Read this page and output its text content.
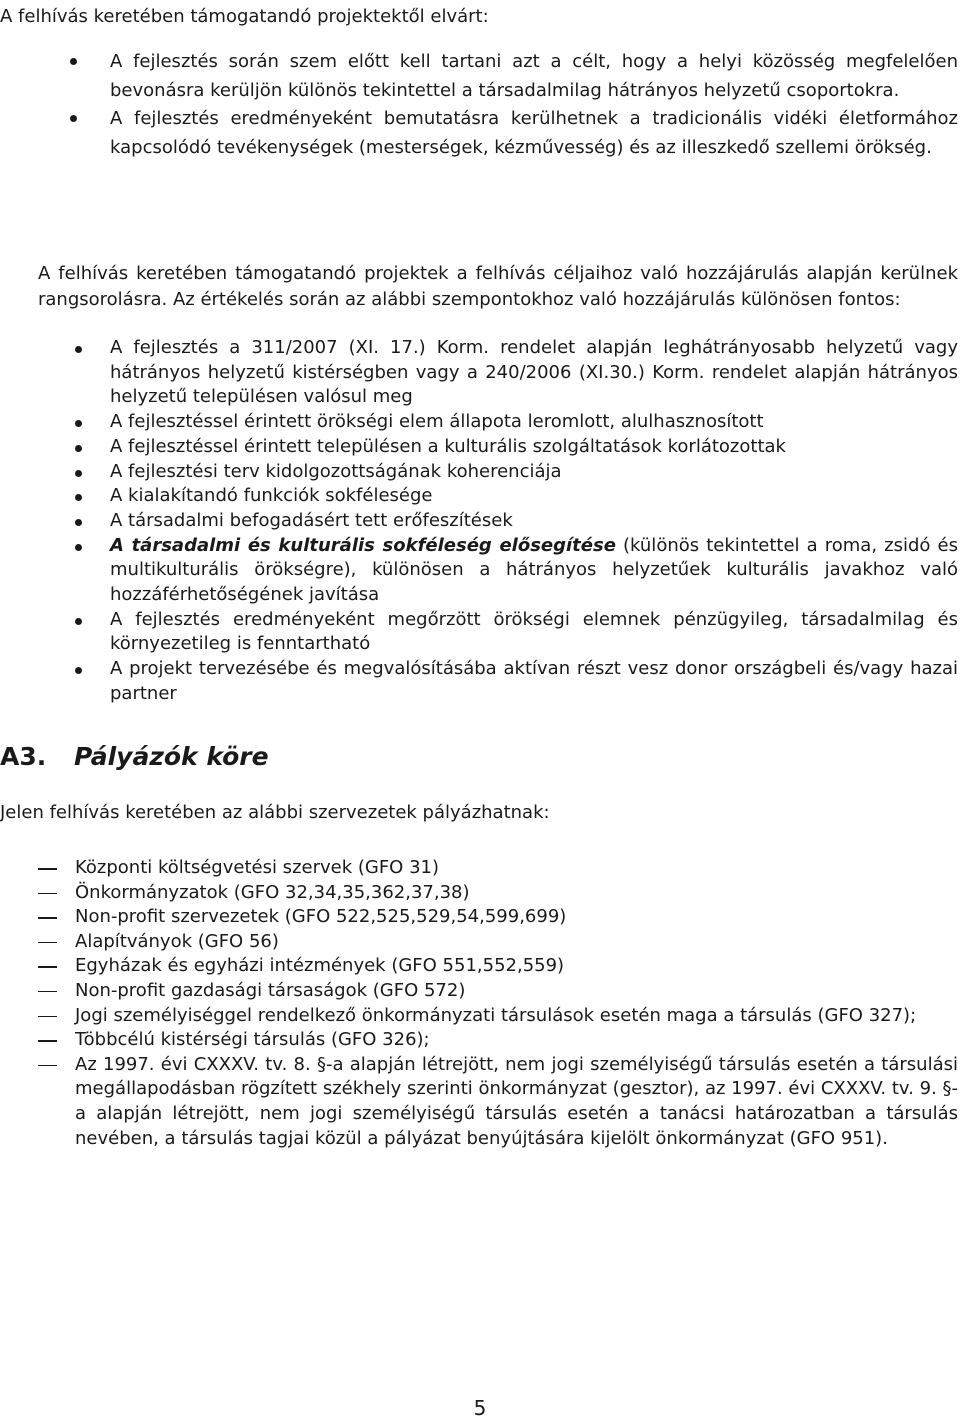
A felhívás keretében támogatandó projektektől elvárt:

A fejlesztés során szem előtt kell tartani azt a célt, hogy a helyi közösség megfelelően bevonásra kerüljön különös tekintettel a társadalmilag hátrányos helyzetű csoportokra.
A fejlesztés eredményeként bemutatásra kerülhetnek a tradicionális vidéki életformához kapcsolódó tevékenységek (mesterségek, kézművesség) és az illeszkedő szellemi örökség.

A felhívás keretében támogatandó projektek a felhívás céljaihoz való hozzájárulás alapján kerülnek rangsorolásra. Az értékelés során az alábbi szempontokhoz való hozzájárulás különösen fontos:

A fejlesztés a 311/2007 (XI. 17.) Korm. rendelet alapján leghátrányosabb helyzetű vagy hátrányos helyzetű kistérségben vagy a 240/2006 (XI.30.) Korm. rendelet alapján hátrányos helyzetű településen valósul meg
A fejlesztéssel érintett örökségi elem állapota leromlott, alulhasznosított
A fejlesztéssel érintett településen a kulturális szolgáltatások korlátozottak
A fejlesztési terv kidolgozottságának koherenciája
A kialakítandó funkciók sokfélesége
A társadalmi befogadásért tett erőfeszítések
A társadalmi és kulturális sokféleség elősegítése (különös tekintettel a roma, zsidó és multikulturális örökségre), különösen a hátrányos helyzetűek kulturális javakhoz való hozzáférhetőségének javítása
A fejlesztés eredményeként megőrzött örökségi elemnek pénzügyileg, társadalmilag és környezetileg is fenntartható
A projekt tervezésébe és megvalósításába aktívan részt vesz donor országbeli és/vagy hazai partner
A3. Pályázók köre

Jelen felhívás keretében az alábbi szervezetek pályázhatnak:

Központi költségvetési szervek (GFO 31)
Önkormányzatok (GFO 32,34,35,362,37,38)
Non-profit szervezetek (GFO 522,525,529,54,599,699)
Alapítványok (GFO 56)
Egyházak és egyházi intézmények (GFO 551,552,559)
Non-profit gazdasági társaságok (GFO 572)
Jogi személyiséggel rendelkező önkormányzati társulások esetén maga a társulás (GFO 327);
Többcélú kistérségi társulás (GFO 326);
Az 1997. évi CXXXV. tv. 8. §-a alapján létrejött, nem jogi személyiségű társulás esetén a társulási megállapodásban rögzített székhely szerinti önkormányzat (gesztor), az 1997. évi CXXXV. tv. 9. §-a alapján létrejött, nem jogi személyiségű társulás esetén a tanácsi határozatban a társulás nevében, a társulás tagjai közül a pályázat benyújtására kijelölt önkormányzat (GFO 951).
5
